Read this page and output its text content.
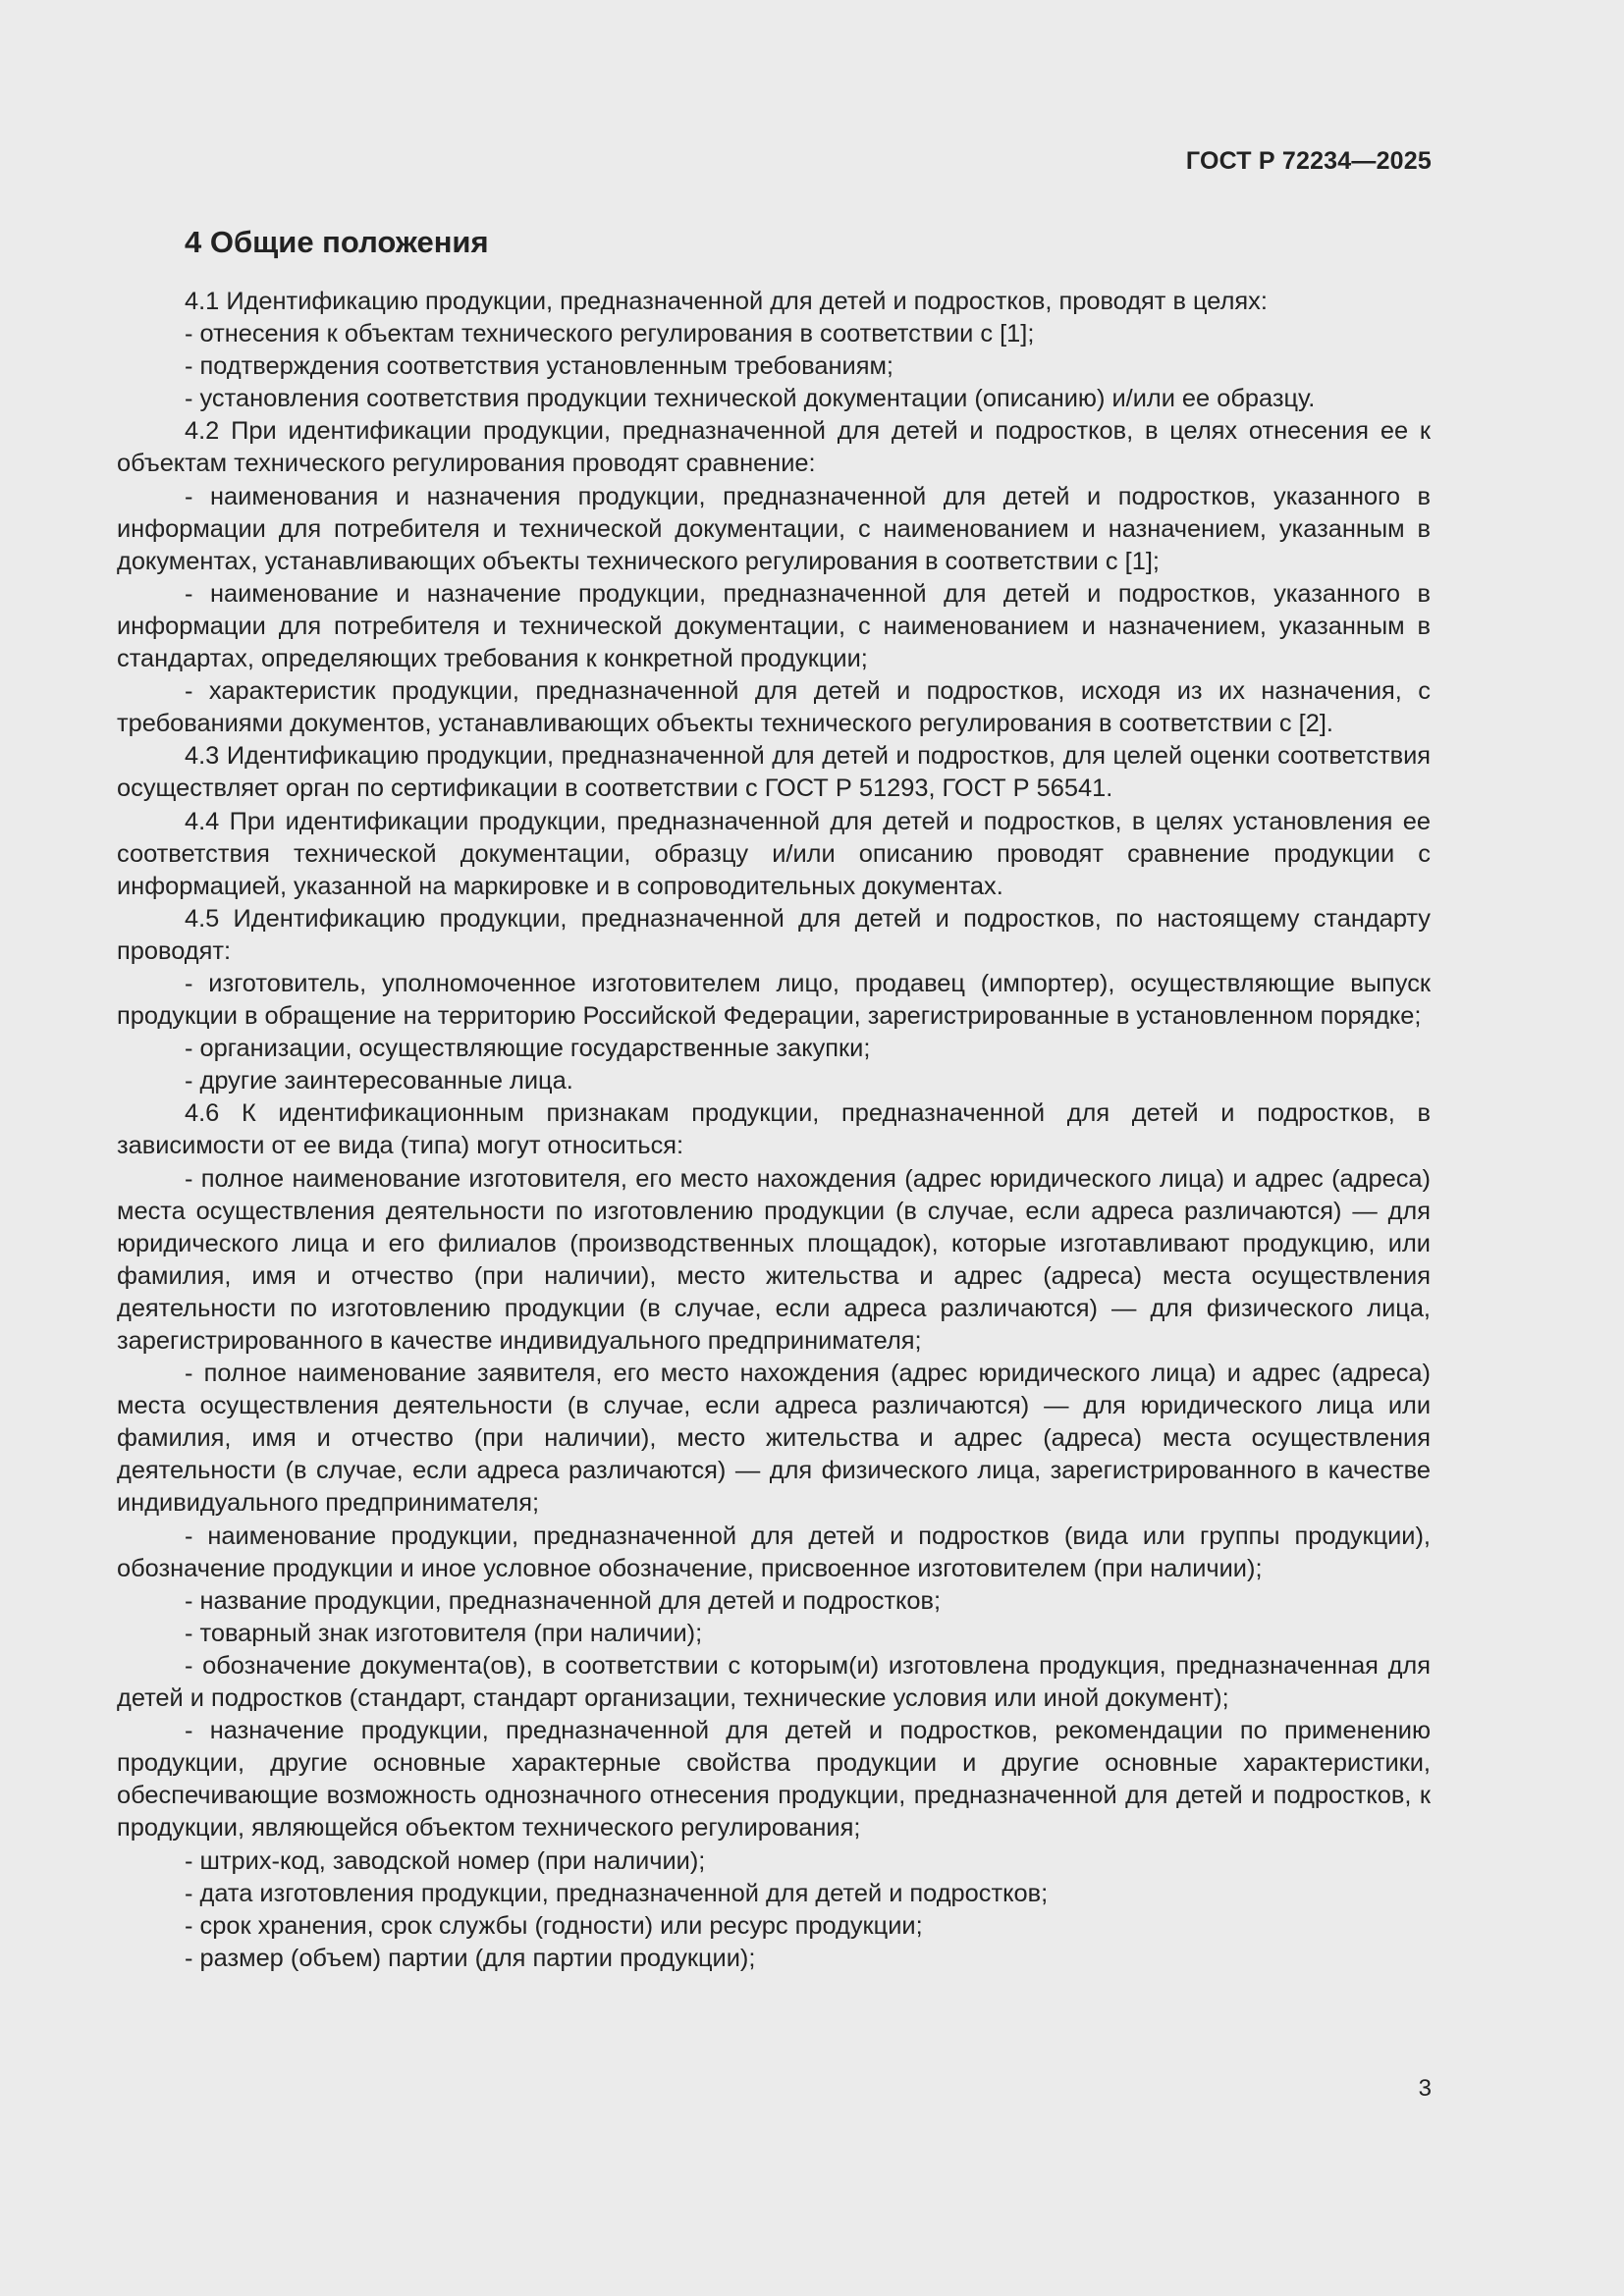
ГОСТ Р 72234—2025
4 Общие положения

4.1 Идентификацию продукции, предназначенной для детей и подростков, проводят в целях:

- отнесения к объектам технического регулирования в соответствии с [1];

- подтверждения соответствия установленным требованиям;

- установления соответствия продукции технической документации (описанию) и/или ее образцу.

4.2 При идентификации продукции, предназначенной для детей и подростков, в целях отнесения ее к объектам технического регулирования проводят сравнение:

- наименования и назначения продукции, предназначенной для детей и подростков, указанного в информации для потребителя и технической документации, с наименованием и назначением, указанным в документах, устанавливающих объекты технического регулирования в соответствии с [1];

- наименование и назначение продукции, предназначенной для детей и подростков, указанного в информации для потребителя и технической документации, с наименованием и назначением, указанным в стандартах, определяющих требования к конкретной продукции;

- характеристик продукции, предназначенной для детей и подростков, исходя из их назначения, с требованиями документов, устанавливающих объекты технического регулирования в соответствии с [2].

4.3 Идентификацию продукции, предназначенной для детей и подростков, для целей оценки соответствия осуществляет орган по сертификации в соответствии с ГОСТ Р 51293, ГОСТ Р 56541.

4.4 При идентификации продукции, предназначенной для детей и подростков, в целях установления ее соответствия технической документации, образцу и/или описанию проводят сравнение продукции с информацией, указанной на маркировке и в сопроводительных документах.

4.5 Идентификацию продукции, предназначенной для детей и подростков, по настоящему стандарту проводят:

- изготовитель, уполномоченное изготовителем лицо, продавец (импортер), осуществляющие выпуск продукции в обращение на территорию Российской Федерации, зарегистрированные в установленном порядке;

- организации, осуществляющие государственные закупки;

- другие заинтересованные лица.

4.6 К идентификационным признакам продукции, предназначенной для детей и подростков, в зависимости от ее вида (типа) могут относиться:

- полное наименование изготовителя, его место нахождения (адрес юридического лица) и адрес (адреса) места осуществления деятельности по изготовлению продукции (в случае, если адреса различаются) — для юридического лица и его филиалов (производственных площадок), которые изготавливают продукцию, или фамилия, имя и отчество (при наличии), место жительства и адрес (адреса) места осуществления деятельности по изготовлению продукции (в случае, если адреса различаются) — для физического лица, зарегистрированного в качестве индивидуального предпринимателя;

- полное наименование заявителя, его место нахождения (адрес юридического лица) и адрес (адреса) места осуществления деятельности (в случае, если адреса различаются) — для юридического лица или фамилия, имя и отчество (при наличии), место жительства и адрес (адреса) места осуществления деятельности (в случае, если адреса различаются) — для физического лица, зарегистрированного в качестве индивидуального предпринимателя;

- наименование продукции, предназначенной для детей и подростков (вида или группы продукции), обозначение продукции и иное условное обозначение, присвоенное изготовителем (при наличии);

- название продукции, предназначенной для детей и подростков;

- товарный знак изготовителя (при наличии);

- обозначение документа(ов), в соответствии с которым(и) изготовлена продукция, предназначенная для детей и подростков (стандарт, стандарт организации, технические условия или иной документ);

- назначение продукции, предназначенной для детей и подростков, рекомендации по применению продукции, другие основные характерные свойства продукции и другие основные характеристики, обеспечивающие возможность однозначного отнесения продукции, предназначенной для детей и подростков, к продукции, являющейся объектом технического регулирования;

- штрих-код, заводской номер (при наличии);

- дата изготовления продукции, предназначенной для детей и подростков;

- срок хранения, срок службы (годности) или ресурс продукции;

- размер (объем) партии (для партии продукции);

3
